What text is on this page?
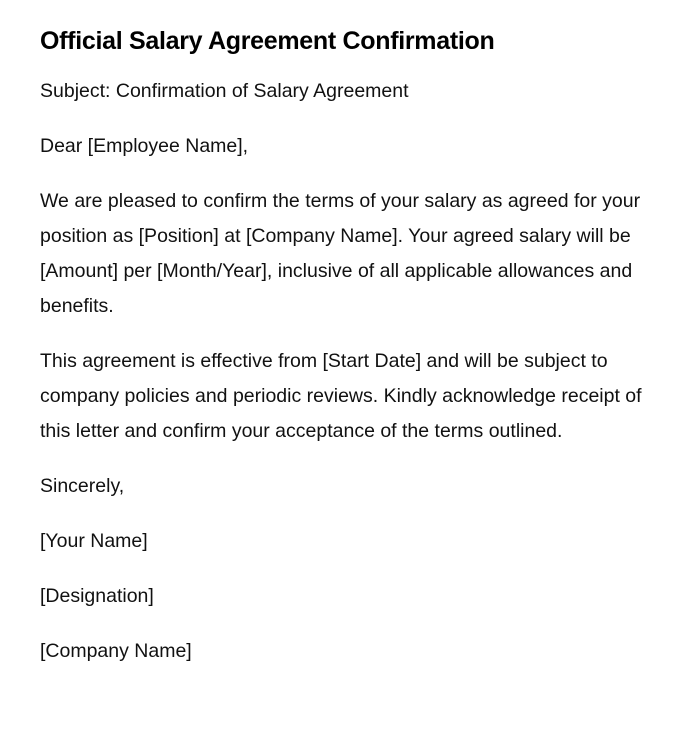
Official Salary Agreement Confirmation

Subject: Confirmation of Salary Agreement

Dear [Employee Name],

We are pleased to confirm the terms of your salary as agreed for your position as [Position] at [Company Name]. Your agreed salary will be [Amount] per [Month/Year], inclusive of all applicable allowances and benefits.

This agreement is effective from [Start Date] and will be subject to company policies and periodic reviews. Kindly acknowledge receipt of this letter and confirm your acceptance of the terms outlined.

Sincerely,

[Your Name]

[Designation]

[Company Name]
